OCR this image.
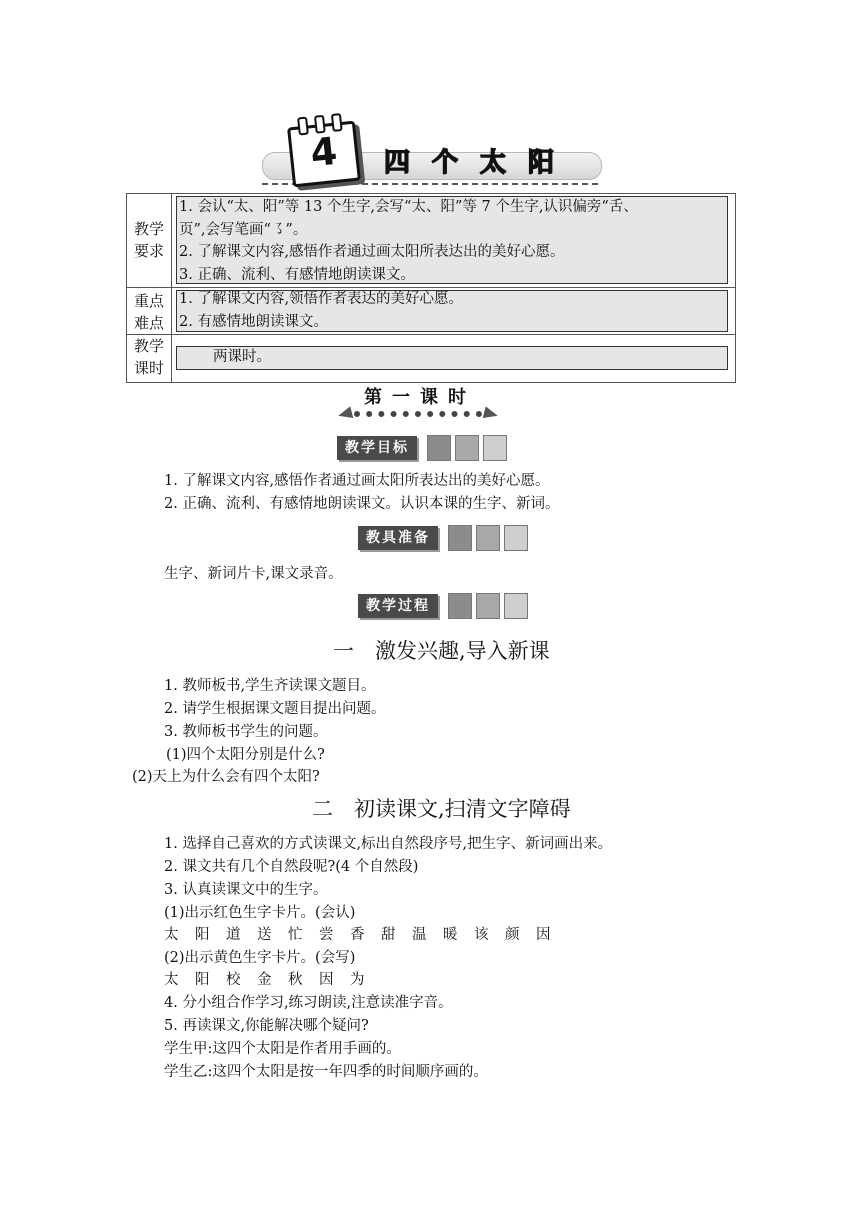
4	四个太阳
教学要求
1. 会认“太、阳”等 13 个生字,会写“太、阳”等 7 个生字,认识偏旁“舌、
页”,会写笔画“㇌”。
2. 了解课文内容,感悟作者通过画太阳所表达出的美好心愿。
3. 正确、流利、有感情地朗读课文。
重点难点
1. 了解课文内容,领悟作者表达的美好心愿。
2. 有感情地朗读课文。
教学课时
两课时。
第一课时
教学目标
1. 了解课文内容,感悟作者通过画太阳所表达出的美好心愿。
2. 正确、流利、有感情地朗读课文。认识本课的生字、新词。
教具准备
生字、新词片卡,课文录音。
教学过程
一　激发兴趣,导入新课
1. 教师板书,学生齐读课文题目。
2. 请学生根据课文题目提出问题。
3. 教师板书学生的问题。
(1)四个太阳分别是什么?
(2)天上为什么会有四个太阳?
二　初读课文,扫清文字障碍
1. 选择自己喜欢的方式读课文,标出自然段序号,把生字、新词画出来。
2. 课文共有几个自然段呢?(4 个自然段)
3. 认真读课文中的生字。
(1)出示红色生字卡片。(会认)
太　阳　道　送　忙　尝　香　甜　温　暖　该　颜　因
(2)出示黄色生字卡片。(会写)
太　阳　校　金　秋　因　为
4. 分小组合作学习,练习朗读,注意读准字音。
5. 再读课文,你能解决哪个疑问?
学生甲:这四个太阳是作者用手画的。
学生乙:这四个太阳是按一年四季的时间顺序画的。
